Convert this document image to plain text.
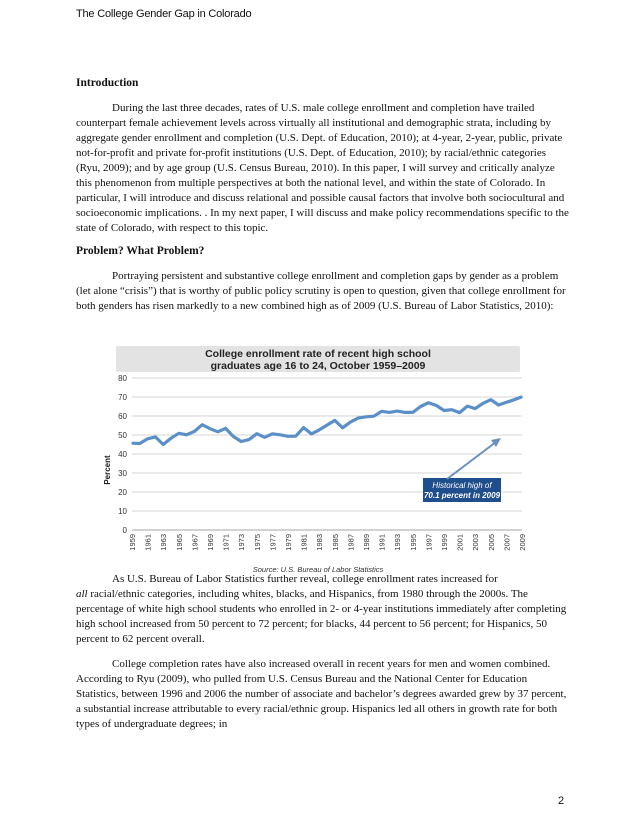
The College Gender Gap in Colorado
Introduction

During the last three decades, rates of U.S. male college enrollment and completion have trailed counterpart female achievement levels across virtually all institutional and demographic strata, including by aggregate gender enrollment and completion (U.S. Dept. of Education, 2010); at 4-year, 2-year, public, private not-for-profit and private for-profit institutions (U.S. Dept. of Education, 2010); by racial/ethnic categories (Ryu, 2009); and by age group (U.S. Census Bureau, 2010). In this paper, I will survey and critically analyze this phenomenon from multiple perspectives at both the national level, and within the state of Colorado. In particular, I will introduce and discuss relational and possible causal factors that involve both sociocultural and socioeconomic implications. . In my next paper, I will discuss and make policy recommendations specific to the state of Colorado, with respect to this topic.

Problem? What Problem?

Portraying persistent and substantive college enrollment and completion gaps by gender as a problem (let alone “crisis”) that is worthy of public policy scrutiny is open to question, given that college enrollment for both genders has risen markedly to a new combined high as of 2009 (U.S. Bureau of Labor Statistics, 2010):

As U.S. Bureau of Labor Statistics further reveal, college enrollment rates increased for
all racial/ethnic categories, including whites, blacks, and Hispanics, from 1980 through the 2000s. The percentage of white high school students who enrolled in 2- or 4-year institutions immediately after completing high school increased from 50 percent to 72 percent; for blacks, 44 percent to 56 percent; for Hispanics, 50 percent to 62 percent overall.

College completion rates have also increased overall in recent years for men and women combined. According to Ryu (2009), who pulled from U.S. Census Bureau and the National Center for Education Statistics, between 1996 and 2006 the number of associate and bachelor’s degrees awarded grew by 37 percent, a substantial increase attributable to every racial/ethnic group. Hispanics led all others in growth rate for both types of undergraduate degrees; in

College enrollment rate of recent high school
graduates age 16 to 24, October 1959–2009
0
10
20
30
40
50
60
70
80
1959 1961 1963 1965 1967 1969 1971 1973 1975 1977 1979 1981 1983 1985 1987 1989 1991 1993 1995 1997 1999 2001 2003 2005 2007 2009
Percent
Historical high of
70.1 percent in 2009
Source: U.S. Bureau of Labor Statistics
2
